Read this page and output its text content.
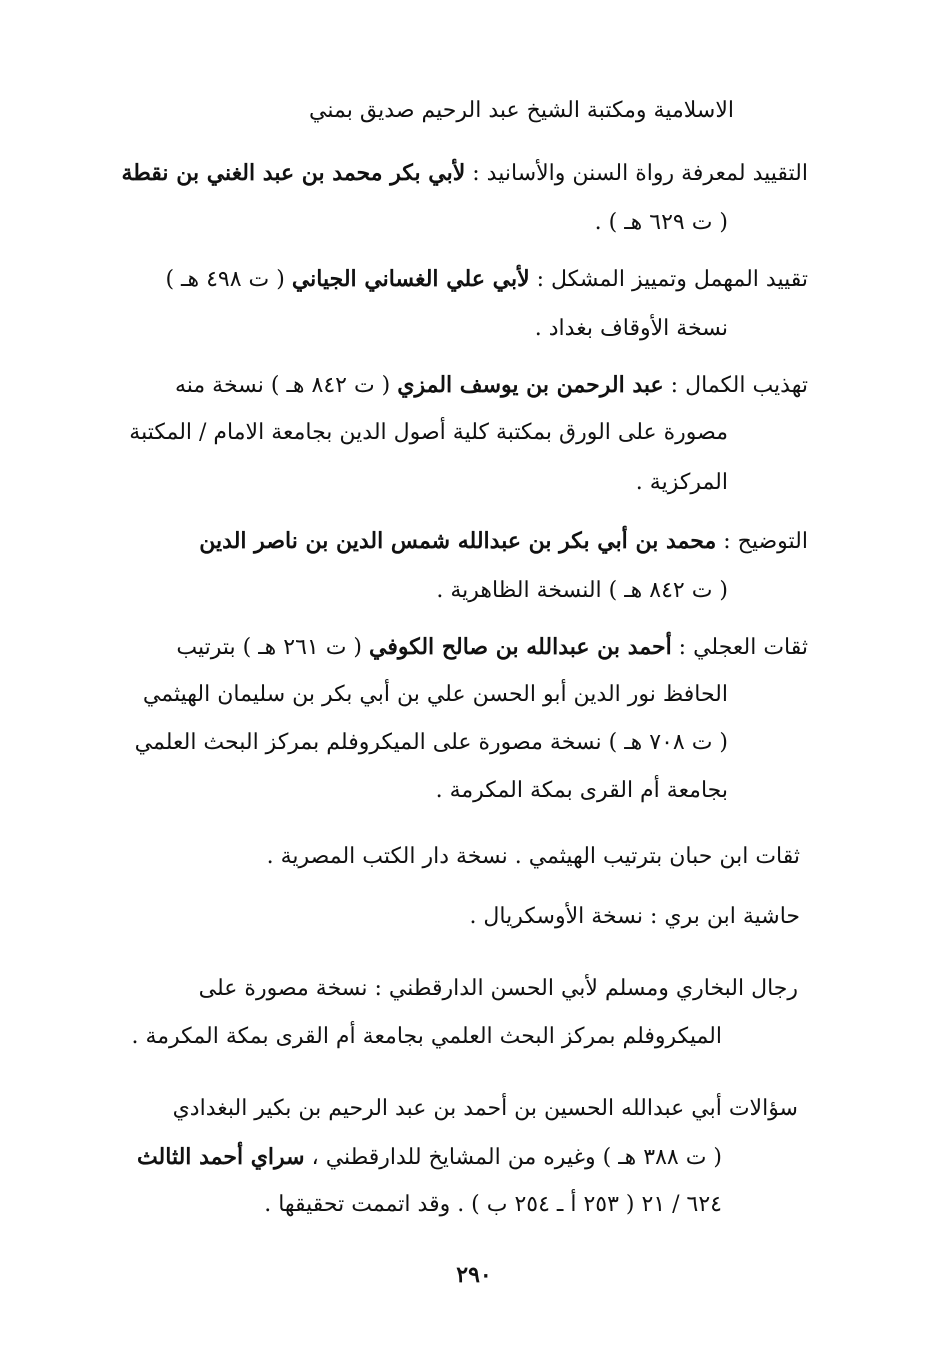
الاسلامية ومكتبة الشيخ عبد الرحيم صديق بمني
التقييد لمعرفة رواة السنن والأسانيد : لأبي بكر محمد بن عبد الغني بن نقطة
( ت ٦٢٩ هـ ) .
تقييد المهمل وتمييز المشكل : لأبي علي الغساني الجياني ( ت ٤٩٨ هـ )
نسخة الأوقاف بغداد .
تهذيب الكمال : عبد الرحمن بن يوسف المزي ( ت ٨٤٢ هـ ) نسخة منه
مصورة على الورق بمكتبة كلية أصول الدين بجامعة الامام / المكتبة
المركزية .
التوضيح : محمد بن أبي بكر بن عبدالله شمس الدين بن ناصر الدين
( ت ٨٤٢ هـ ) النسخة الظاهرية .
ثقات العجلي : أحمد بن عبدالله بن صالح الكوفي ( ت ٢٦١ هـ ) بترتيب
الحافظ نور الدين أبو الحسن علي بن أبي بكر بن سليمان الهيثمي
( ت ٧٠٨ هـ ) نسخة مصورة على الميكروفلم بمركز البحث العلمي
بجامعة أم القرى بمكة المكرمة .
ثقات ابن حبان بترتيب الهيثمي . نسخة دار الكتب المصرية .
حاشية ابن بري : نسخة الأوسكريال .
رجال البخاري ومسلم لأبي الحسن الدارقطني : نسخة مصورة على
الميكروفلم بمركز البحث العلمي بجامعة أم القرى بمكة المكرمة .
سؤالات أبي عبدالله الحسين بن أحمد بن عبد الرحيم بن بكير البغدادي
( ت ٣٨٨ هـ ) وغيره من المشايخ للدارقطني ، سراي أحمد الثالث
٦٢٤ / ٢١ ( ٢٥٣ أ ـ ٢٥٤ ب ) . وقد اتممت تحقيقها .
٢٩٠
